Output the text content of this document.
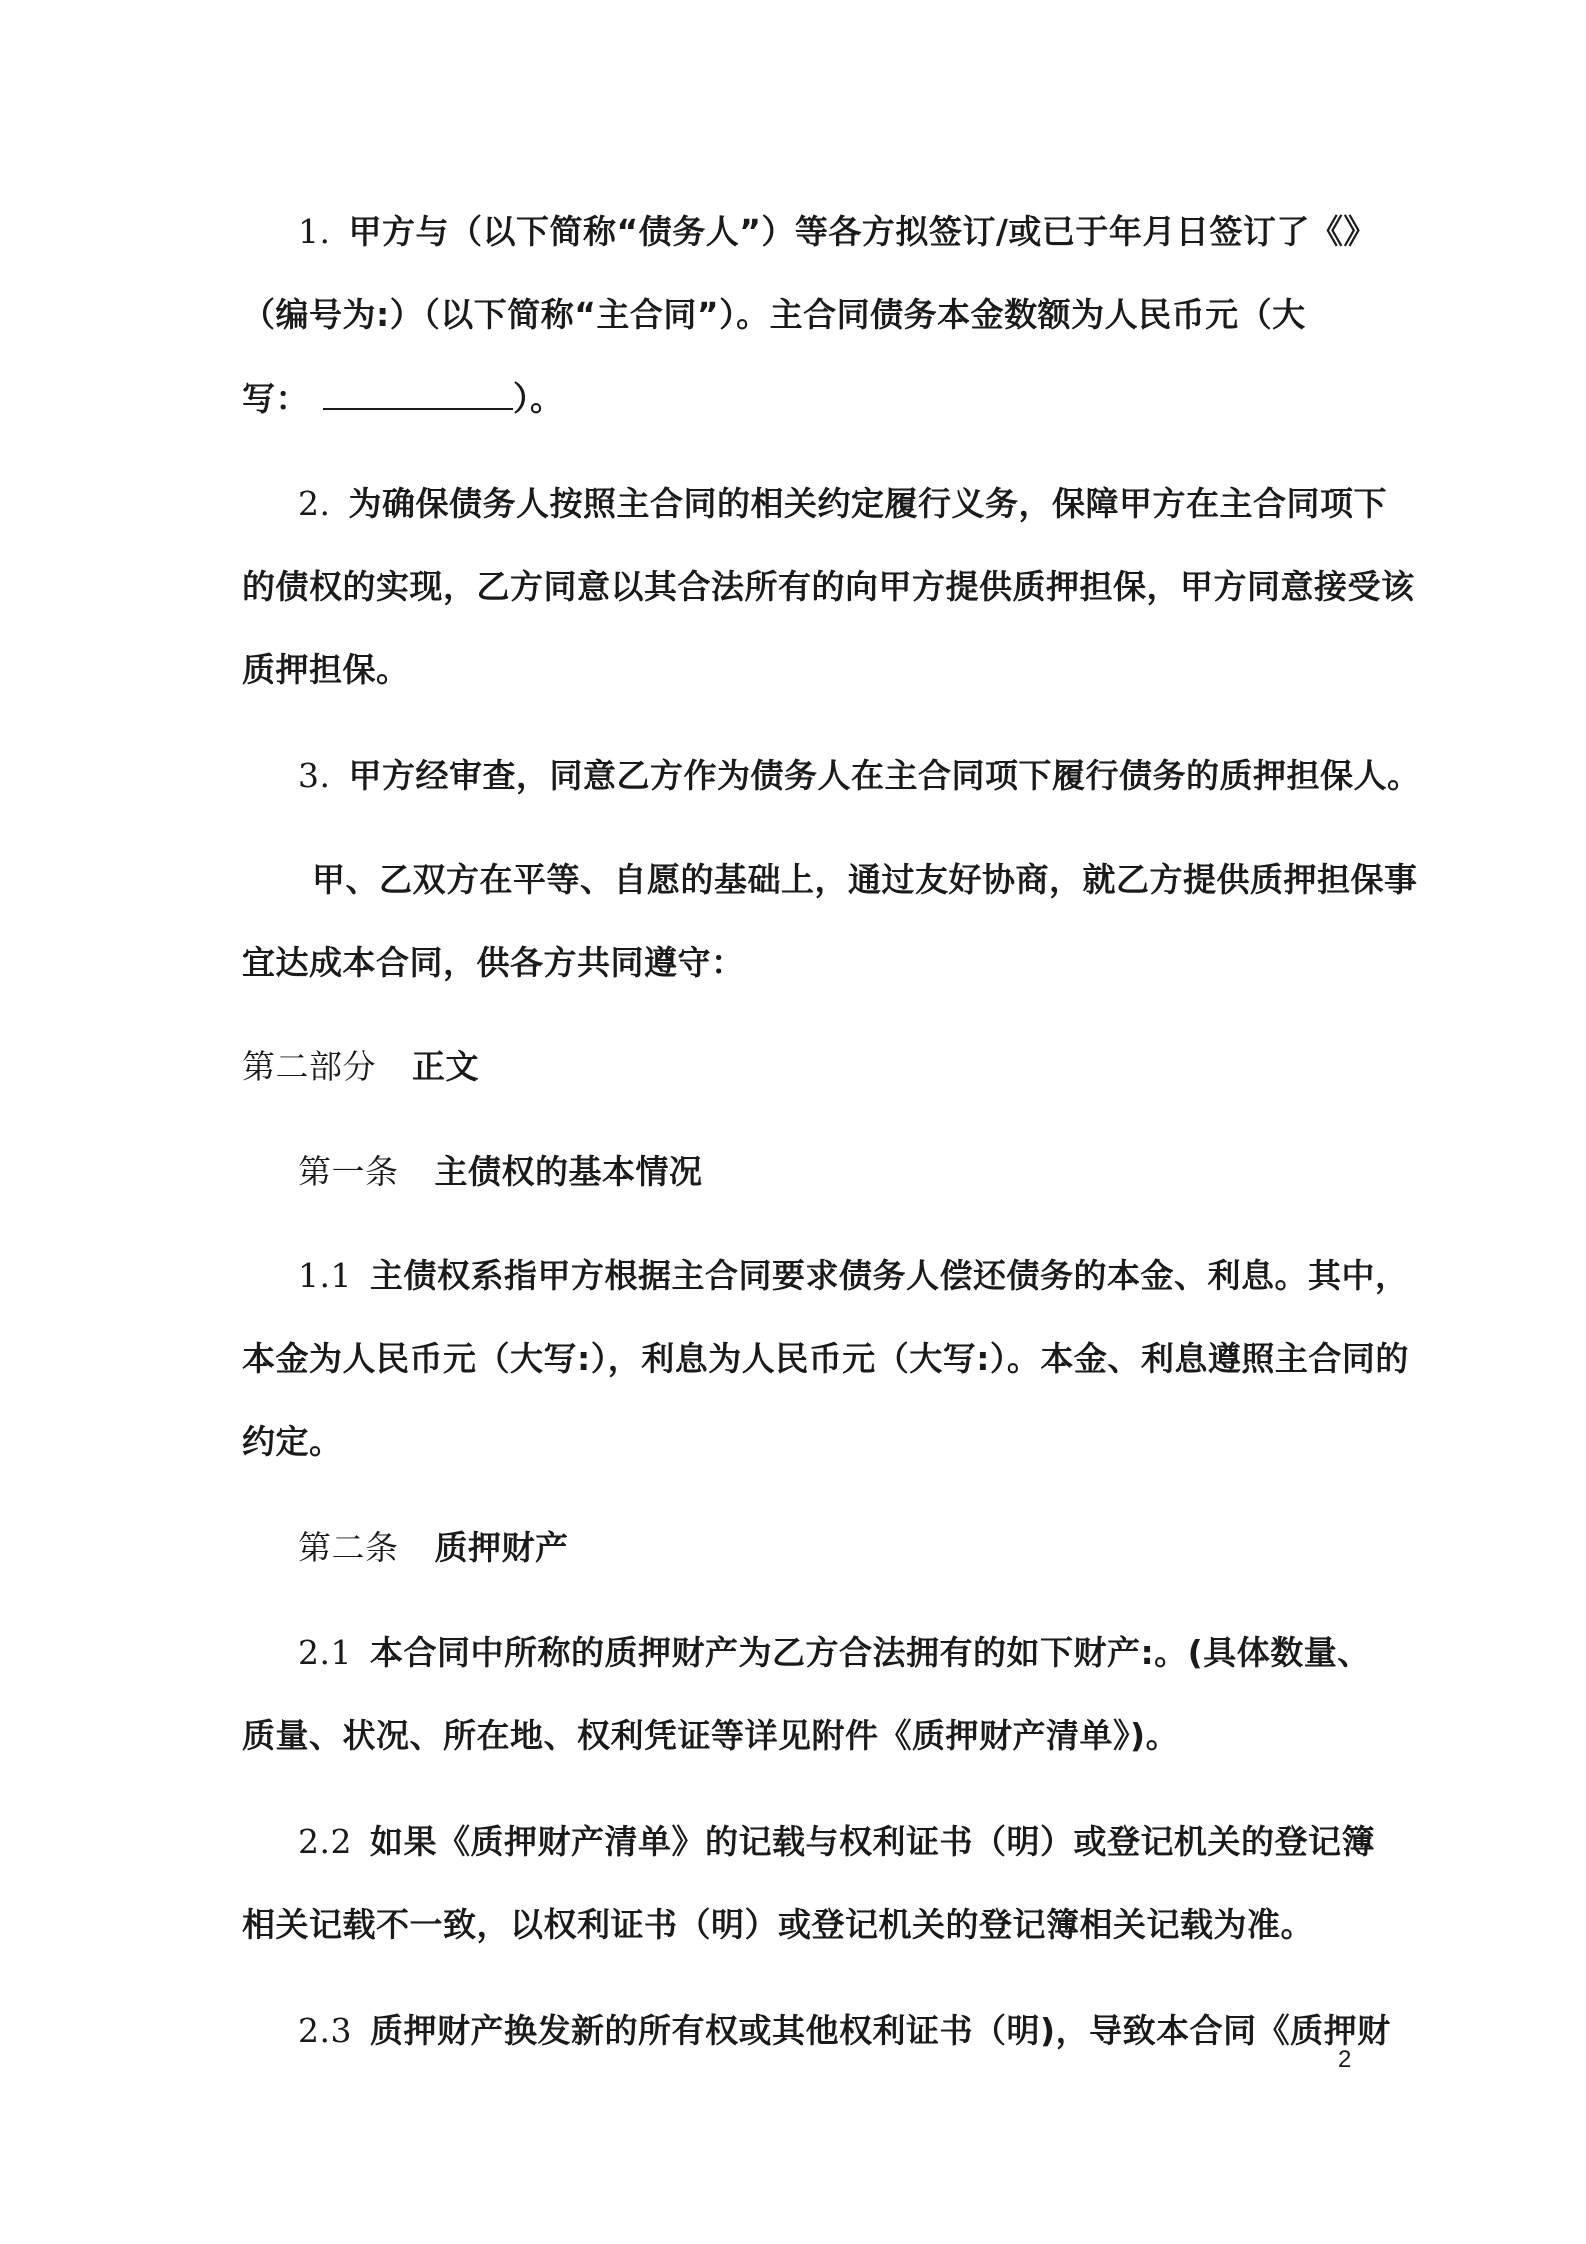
1. 甲方与（以下简称“债务人”）等各方拟签订/或已于年月日签订了《》
（编号为:）（以下简称“主合同”）。主合同债务本金数额为人民币元（大
写：	）。
2. 为确保债务人按照主合同的相关约定履行义务，保障甲方在主合同项下
的债权的实现，乙方同意以其合法所有的向甲方提供质押担保，甲方同意接受该
质押担保。
3. 甲方经审查，同意乙方作为债务人在主合同项下履行债务的质押担保人。
甲、乙双方在平等、自愿的基础上，通过友好协商，就乙方提供质押担保事
宜达成本合同，供各方共同遵守：
第二部分 正文
第一条 主债权的基本情况
1.1 主债权系指甲方根据主合同要求债务人偿还债务的本金、利息。其中，
本金为人民币元（大写:），利息为人民币元（大写:）。本金、利息遵照主合同的
约定。
第二条 质押财产
2.1 本合同中所称的质押财产为乙方合法拥有的如下财产:。(具体数量、
质量、状况、所在地、权利凭证等详见附件《质押财产清单》)。
2.2 如果《质押财产清单》的记载与权利证书（明）或登记机关的登记簿
相关记载不一致，以权利证书（明）或登记机关的登记簿相关记载为准。
2.3 质押财产换发新的所有权或其他权利证书（明)，导致本合同《质押财
2
